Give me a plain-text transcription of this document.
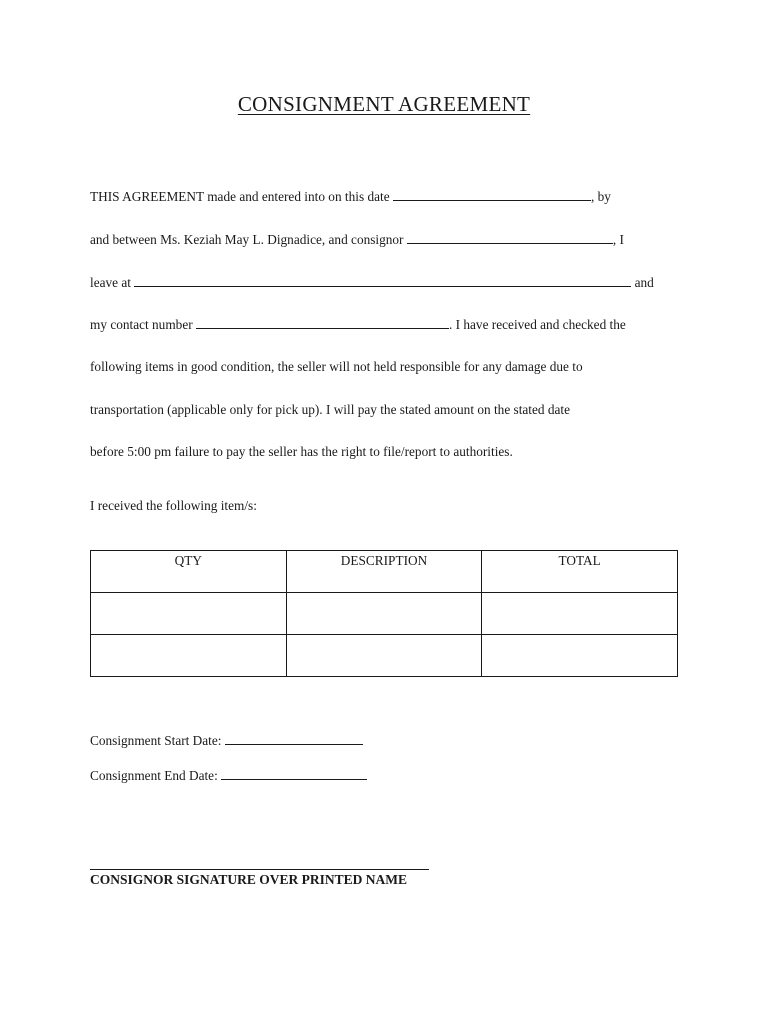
CONSIGNMENT AGREEMENT
THIS AGREEMENT made and entered into on this date	, by
and between Ms. Keziah May L. Dignadice, and consignor	, I
leave at	and
my contact number	. I have received and checked the
following items in good condition, the seller will not held responsible for any damage due to
transportation (applicable only for pick up). I will pay the stated amount on the stated date
before 5:00 pm failure to pay the seller has the right to file/report to authorities.
I received the following item/s:
QTY	DESCRIPTION	TOTAL

Consignment Start Date:
Consignment End Date:
CONSIGNOR SIGNATURE OVER PRINTED NAME
